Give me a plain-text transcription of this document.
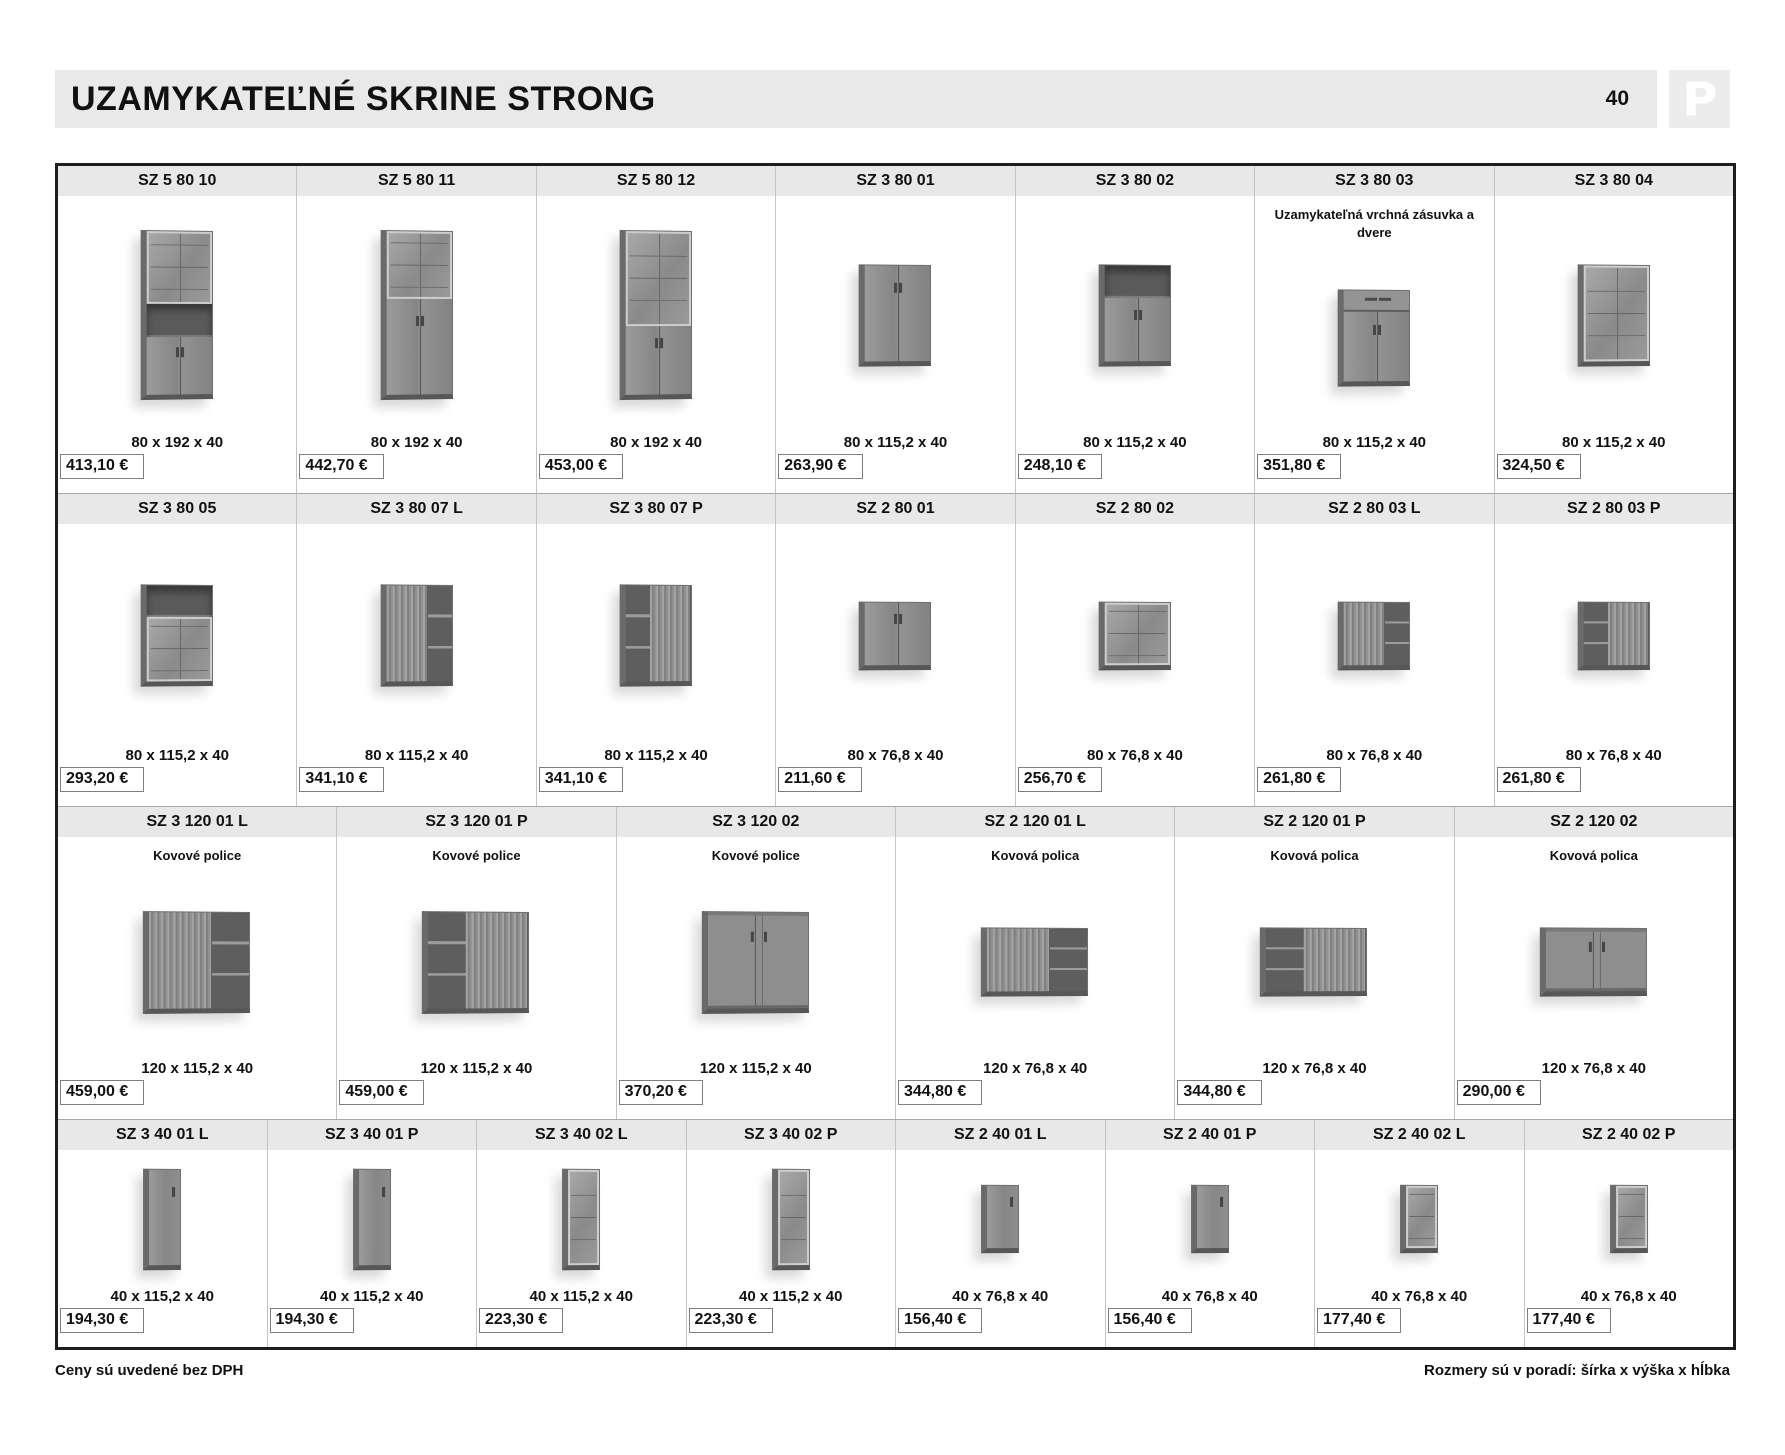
UZAMYKATEĽNÉ SKRINE STRONG	40 P
SZ 5 80 10
80 x 192 x 40
413,10 €
SZ 5 80 11
80 x 192 x 40
442,70 €
SZ 5 80 12
80 x 192 x 40
453,00 €
SZ 3 80 01
80 x 115,2 x 40
263,90 €
SZ 3 80 02
80 x 115,2 x 40
248,10 €
SZ 3 80 03
Uzamykateľná vrchná zásuvka a dvere
80 x 115,2 x 40
351,80 €
SZ 3 80 04
80 x 115,2 x 40
324,50 €
SZ 3 80 05
80 x 115,2 x 40
293,20 €
SZ 3 80 07 L
80 x 115,2 x 40
341,10 €
SZ 3 80 07 P
80 x 115,2 x 40
341,10 €
SZ 2 80 01
80 x 76,8 x 40
211,60 €
SZ 2 80 02
80 x 76,8 x 40
256,70 €
SZ 2 80 03 L
80 x 76,8 x 40
261,80 €
SZ 2 80 03 P
80 x 76,8 x 40
261,80 €
SZ 3 120 01 L
Kovové police
120 x 115,2 x 40
459,00 €
SZ 3 120 01 P
Kovové police
120 x 115,2 x 40
459,00 €
SZ 3 120 02
Kovové police
120 x 115,2 x 40
370,20 €
SZ 2 120 01 L
Kovová polica
120 x 76,8 x 40
344,80 €
SZ 2 120 01 P
Kovová polica
120 x 76,8 x 40
344,80 €
SZ 2 120 02
Kovová polica
120 x 76,8 x 40
290,00 €
SZ 3 40 01 L
40 x 115,2 x 40
194,30 €
SZ 3 40 01 P
40 x 115,2 x 40
194,30 €
SZ 3 40 02 L
40 x 115,2 x 40
223,30 €
SZ 3 40 02 P
40 x 115,2 x 40
223,30 €
SZ 2 40 01 L
40 x 76,8 x 40
156,40 €
SZ 2 40 01 P
40 x 76,8 x 40
156,40 €
SZ 2 40 02 L
40 x 76,8 x 40
177,40 €
SZ 2 40 02 P
40 x 76,8 x 40
177,40 €
Ceny sú uvedené bez DPH	Rozmery sú v poradí: šírka x výška x hĺbka
